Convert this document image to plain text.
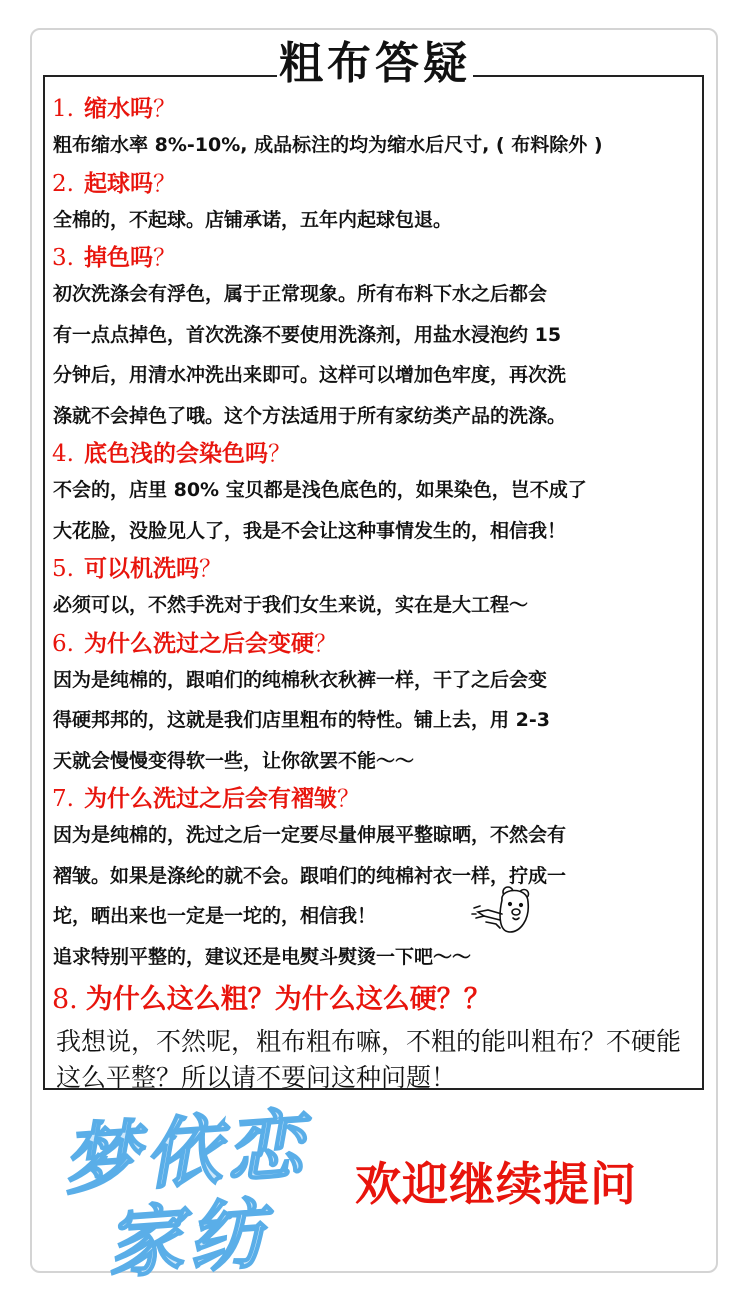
粗布答疑
1. 缩水吗？
粗布缩水率 8%-10%, 成品标注的均为缩水后尺寸, ( 布料除外 )
2. 起球吗？
全棉的，不起球。店铺承诺，五年内起球包退。
3. 掉色吗？
初次洗涤会有浮色，属于正常现象。所有布料下水之后都会
有一点点掉色，首次洗涤不要使用洗涤剂，用盐水浸泡约 15
分钟后，用清水冲洗出来即可。这样可以增加色牢度，再次洗
涤就不会掉色了哦。这个方法适用于所有家纺类产品的洗涤。
4. 底色浅的会染色吗？
不会的，店里 80% 宝贝都是浅色底色的，如果染色，岂不成了
大花脸，没脸见人了，我是不会让这种事情发生的，相信我！
5. 可以机洗吗？
必须可以，不然手洗对于我们女生来说，实在是大工程～
6. 为什么洗过之后会变硬？
因为是纯棉的，跟咱们的纯棉秋衣秋裤一样，干了之后会变
得硬邦邦的，这就是我们店里粗布的特性。铺上去，用 2-3
天就会慢慢变得软一些，让你欲罢不能～～
7. 为什么洗过之后会有褶皱？
因为是纯棉的，洗过之后一定要尽量伸展平整晾晒，不然会有
褶皱。如果是涤纶的就不会。跟咱们的纯棉衬衣一样，拧成一
坨，晒出来也一定是一坨的，相信我！
追求特别平整的，建议还是电熨斗熨烫一下吧～～
8. 为什么这么粗？为什么这么硬？？
我想说，不然呢，粗布粗布嘛，不粗的能叫粗布？不硬能这么平整？所以请不要问这种问题！
梦依恋
家纺
欢迎继续提问
